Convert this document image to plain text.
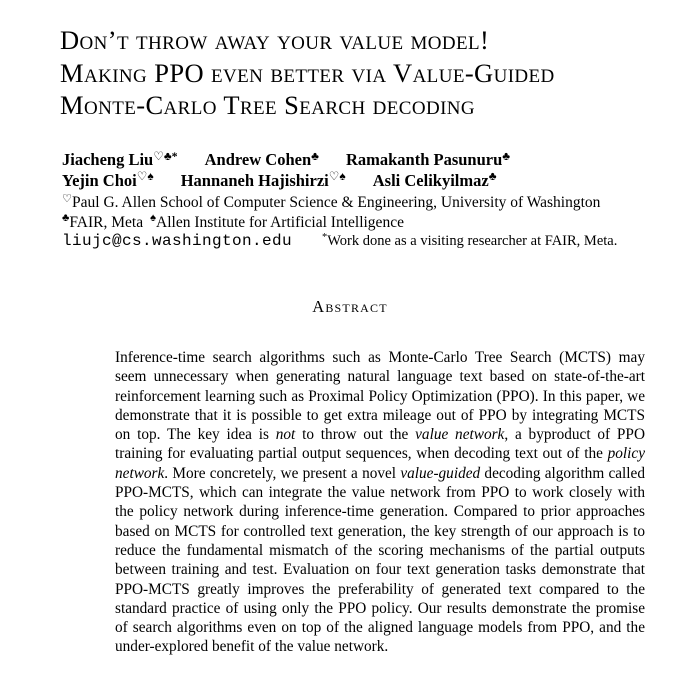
Don’t throw away your value model!
Making PPO even better via Value-Guided
Monte-Carlo Tree Search decoding
Jiacheng Liu♡♣* Andrew Cohen♣ Ramakanth Pasunuru♣
Yejin Choi♡♠ Hannaneh Hajishirzi♡♠ Asli Celikyilmaz♣
♡Paul G. Allen School of Computer Science & Engineering, University of Washington
♣FAIR, Meta ♠Allen Institute for Artificial Intelligence
liujc@cs.washington.edu	*Work done as a visiting researcher at FAIR, Meta.
Abstract

Inference-time search algorithms such as Monte-Carlo Tree Search (MCTS) may seem unnecessary when generating natural language text based on state-of-the-art reinforcement learning such as Proximal Policy Optimization (PPO). In this paper, we demonstrate that it is possible to get extra mileage out of PPO by integrating MCTS on top. The key idea is not to throw out the value network, a byproduct of PPO training for evaluating partial output sequences, when decoding text out of the policy network. More concretely, we present a novel value-guided decoding algorithm called PPO-MCTS, which can integrate the value network from PPO to work closely with the policy network during inference-time generation. Compared to prior approaches based on MCTS for controlled text generation, the key strength of our approach is to reduce the fundamental mismatch of the scoring mechanisms of the partial outputs between training and test. Evaluation on four text generation tasks demonstrate that PPO-MCTS greatly improves the preferability of generated text compared to the standard practice of using only the PPO policy. Our results demonstrate the promise of search algorithms even on top of the aligned language models from PPO, and the under-explored benefit of the value network.
